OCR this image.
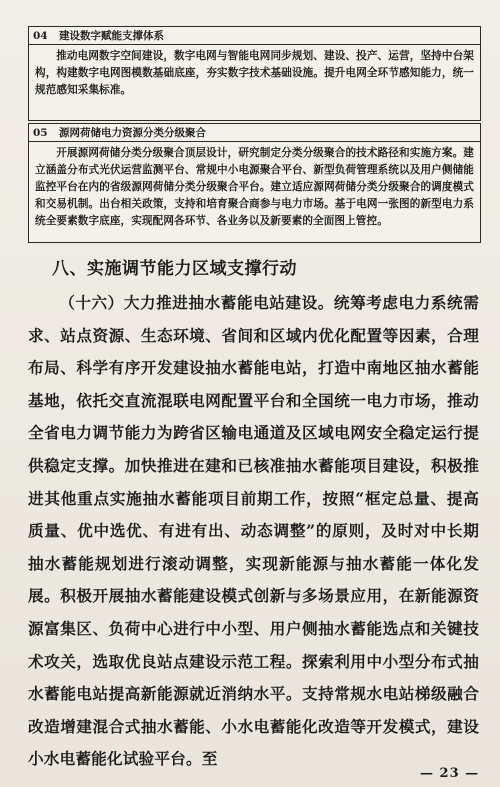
04	建设数字赋能支撑体系

推动电网数字空间建设，数字电网与智能电网同步规划、建设、投产、运营，坚持中台架构，构建数字电网图模数基础底座，夯实数字技术基础设施。提升电网全环节感知能力，统一规范感知采集标准。

05	源网荷储电力资源分类分级聚合

开展源网荷储分类分级聚合顶层设计，研究制定分类分级聚合的技术路径和实施方案。建立涵盖分布式光伏运营监测平台、常规中小电源聚合平台、新型负荷管理系统以及用户侧储能监控平台在内的省级源网荷储分类分级聚合平台。建立适应源网荷储分类分级聚合的调度模式和交易机制。出台相关政策，支持和培育聚合商参与电力市场。基于电网一张图的新型电力系统全要素数字底座，实现配网各环节、各业务以及新要素的全面图上管控。

八、实施调节能力区域支撑行动

（十六）大力推进抽水蓄能电站建设。统筹考虑电力系统需求、站点资源、生态环境、省间和区域内优化配置等因素，合理布局、科学有序开发建设抽水蓄能电站，打造中南地区抽水蓄能基地，依托交直流混联电网配置平台和全国统一电力市场，推动全省电力调节能力为跨省区输电通道及区域电网安全稳定运行提供稳定支撑。加快推进在建和已核准抽水蓄能项目建设，积极推进其他重点实施抽水蓄能项目前期工作，按照“框定总量、提高质量、优中选优、有进有出、动态调整”的原则，及时对中长期抽水蓄能规划进行滚动调整，实现新能源与抽水蓄能一体化发展。积极开展抽水蓄能建设模式创新与多场景应用，在新能源资源富集区、负荷中心进行中小型、用户侧抽水蓄能选点和关键技术攻关，选取优良站点建设示范工程。探索利用中小型分布式抽水蓄能电站提高新能源就近消纳水平。支持常规水电站梯级融合改造增建混合式抽水蓄能、小水电蓄能化改造等开发模式，建设小水电蓄能化试验平台。至

— 23 —
